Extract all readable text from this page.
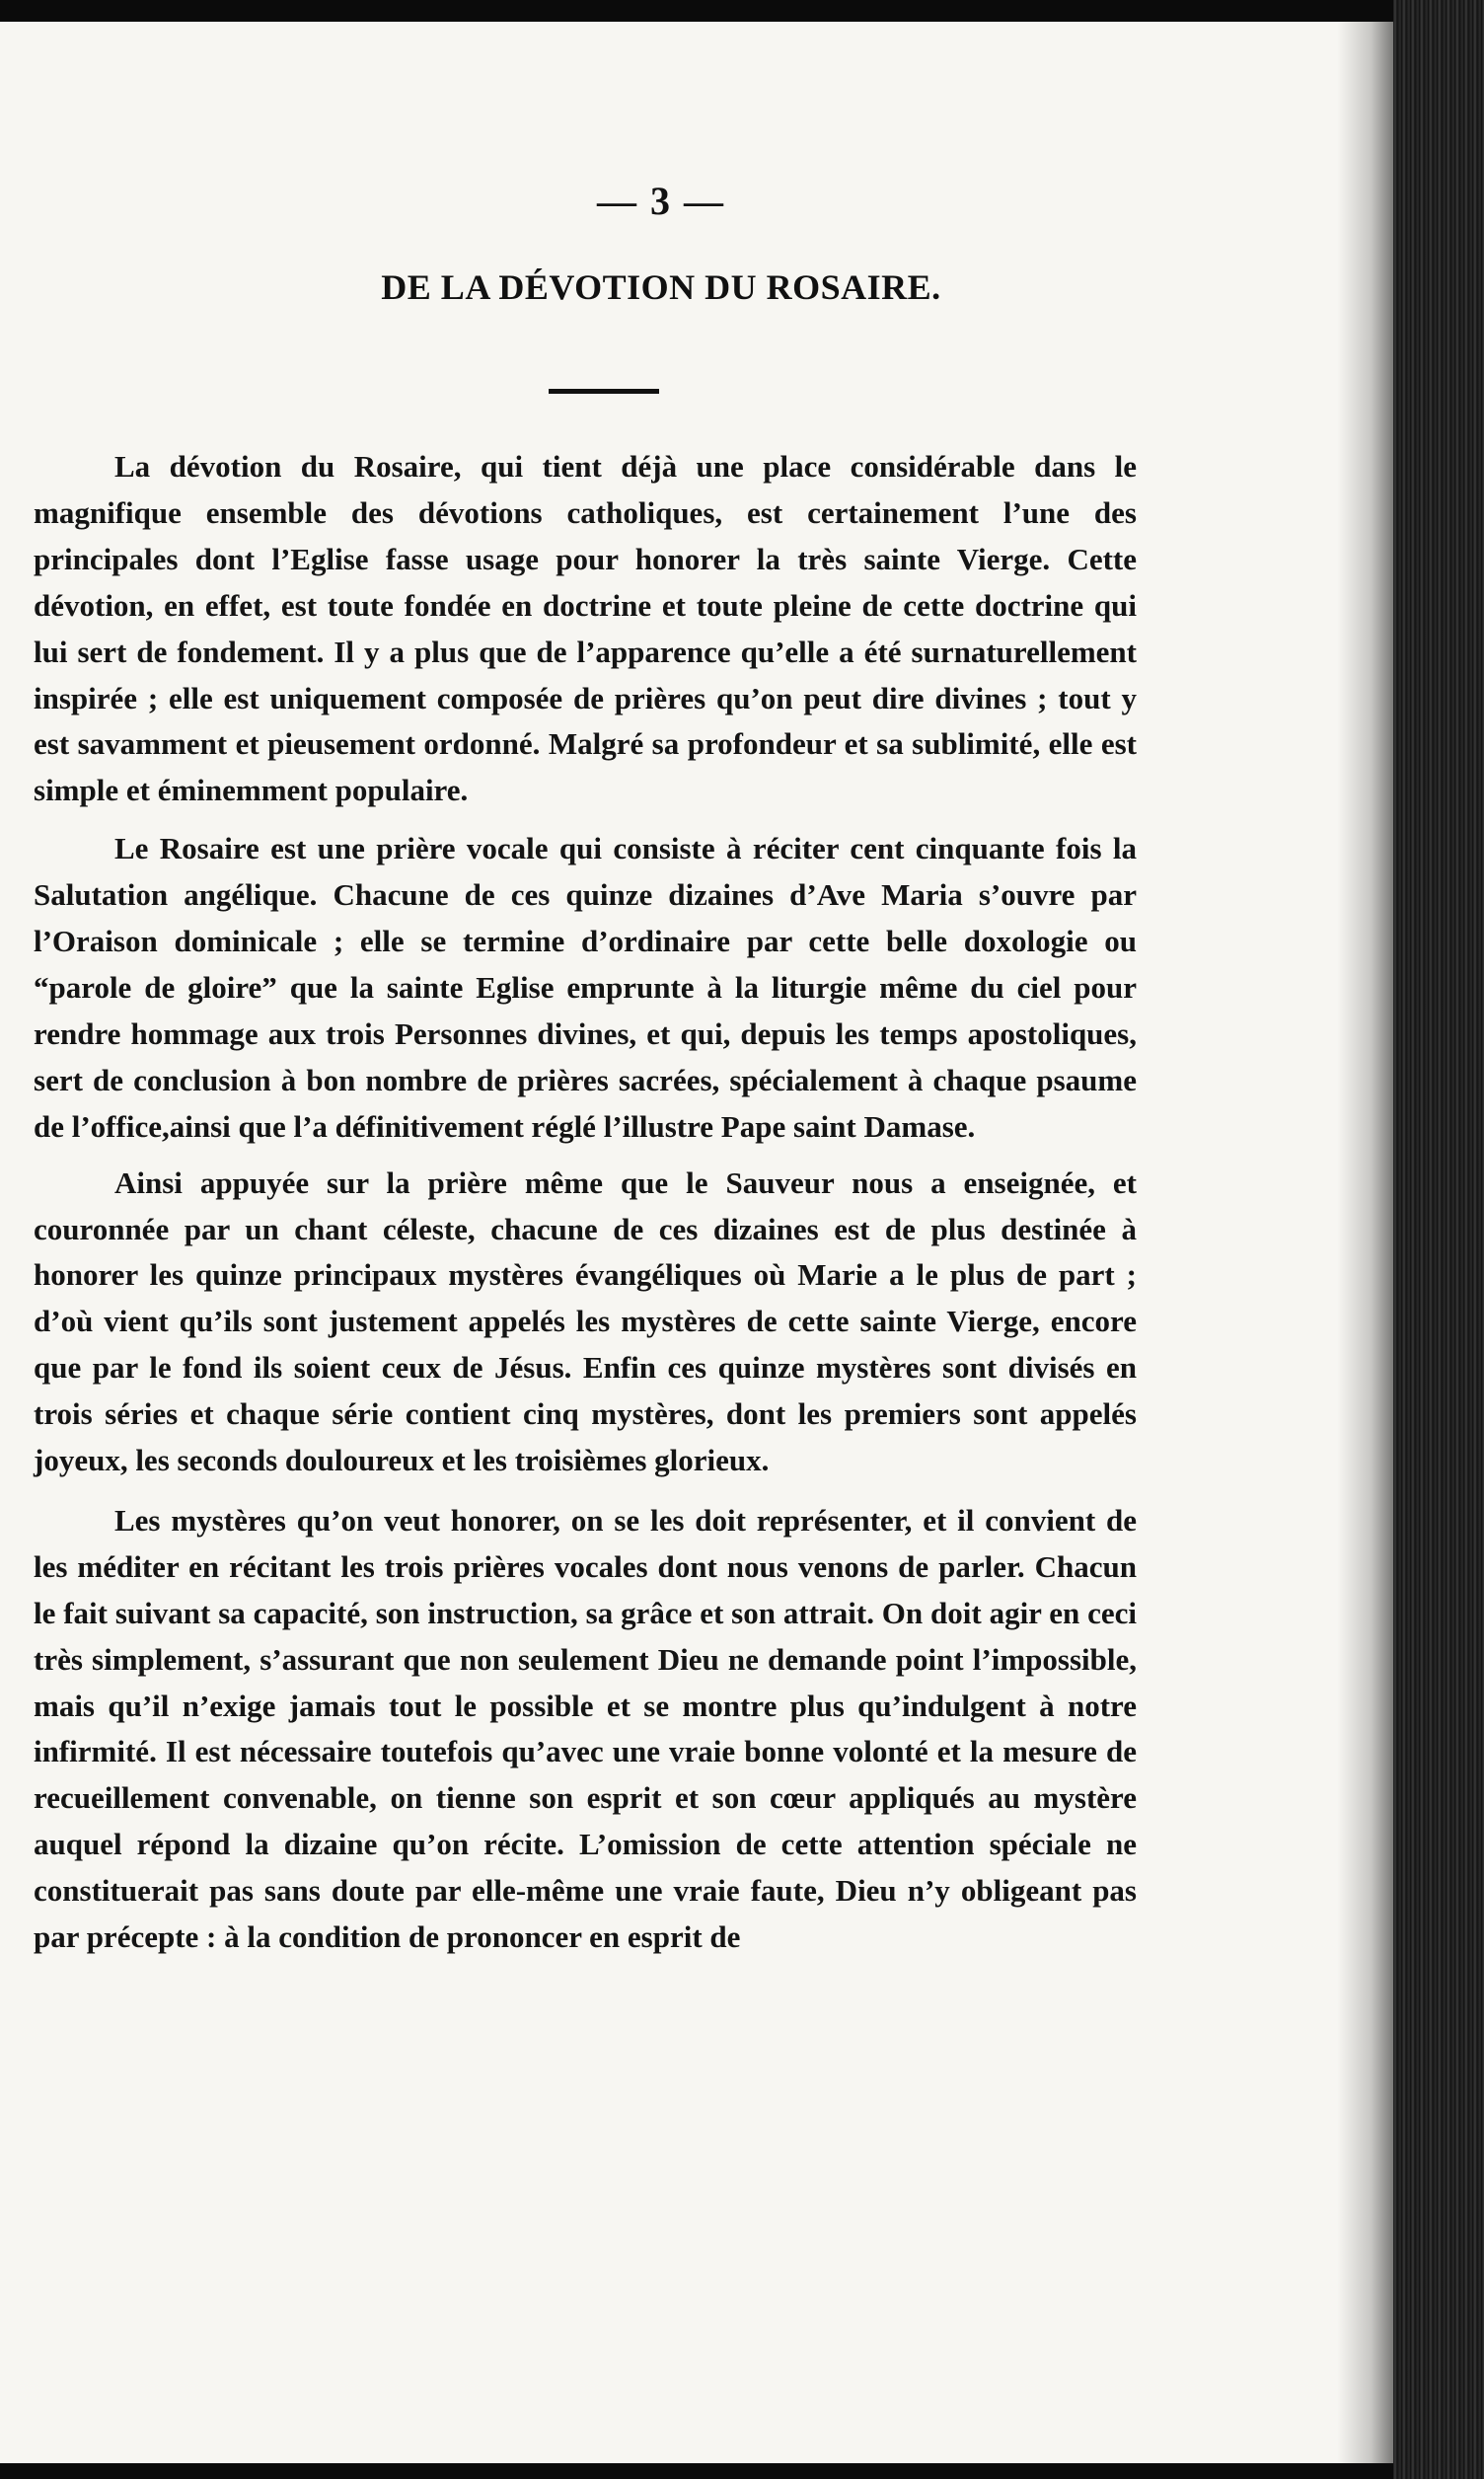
— 3 —
DE LA DÉVOTION DU ROSAIRE.

La dévotion du Rosaire, qui tient déjà une place considérable dans le magnifique ensemble des dévotions catholiques, est certainement l’une des principales dont l’Eglise fasse usage pour honorer la très sainte Vierge. Cette dévotion, en effet, est toute fondée en doctrine et toute pleine de cette doctrine qui lui sert de fondement. Il y a plus que de l’apparence qu’elle a été surnaturellement inspirée ; elle est uniquement composée de prières qu’on peut dire divines ; tout y est savamment et pieusement ordonné. Malgré sa profondeur et sa sublimité, elle est simple et éminemment populaire.

Le Rosaire est une prière vocale qui consiste à réciter cent cinquante fois la Salutation angélique. Chacune de ces quinze dizaines d’Ave Maria s’ouvre par l’Oraison dominicale ; elle se termine d’ordinaire par cette belle doxologie ou “parole de gloire” que la sainte Eglise emprunte à la liturgie même du ciel pour rendre hommage aux trois Personnes divines, et qui, depuis les temps apostoliques, sert de conclusion à bon nombre de prières sacrées, spécialement à chaque psaume de l’office,ainsi que l’a définitivement réglé l’illustre Pape saint Damase.

Ainsi appuyée sur la prière même que le Sauveur nous a enseignée, et couronnée par un chant céleste, chacune de ces dizaines est de plus destinée à honorer les quinze principaux mystères évangéliques où Marie a le plus de part ; d’où vient qu’ils sont justement appelés les mystères de cette sainte Vierge, encore que par le fond ils soient ceux de Jésus. Enfin ces quinze mystères sont divisés en trois séries et chaque série contient cinq mystères, dont les premiers sont appelés joyeux, les seconds douloureux et les troisièmes glorieux.

Les mystères qu’on veut honorer, on se les doit représenter, et il convient de les méditer en récitant les trois prières vocales dont nous venons de parler. Chacun le fait suivant sa capacité, son instruction, sa grâce et son attrait. On doit agir en ceci très simplement, s’assurant que non seulement Dieu ne demande point l’impossible, mais qu’il n’exige jamais tout le possible et se montre plus qu’indulgent à notre infirmité. Il est nécessaire toutefois qu’avec une vraie bonne volonté et la mesure de recueillement convenable, on tienne son esprit et son cœur appliqués au mystère auquel répond la dizaine qu’on récite. L’omission de cette attention spéciale ne constituerait pas sans doute par elle-même une vraie faute, Dieu n’y obligeant pas par précepte : à la condition de prononcer en esprit de
